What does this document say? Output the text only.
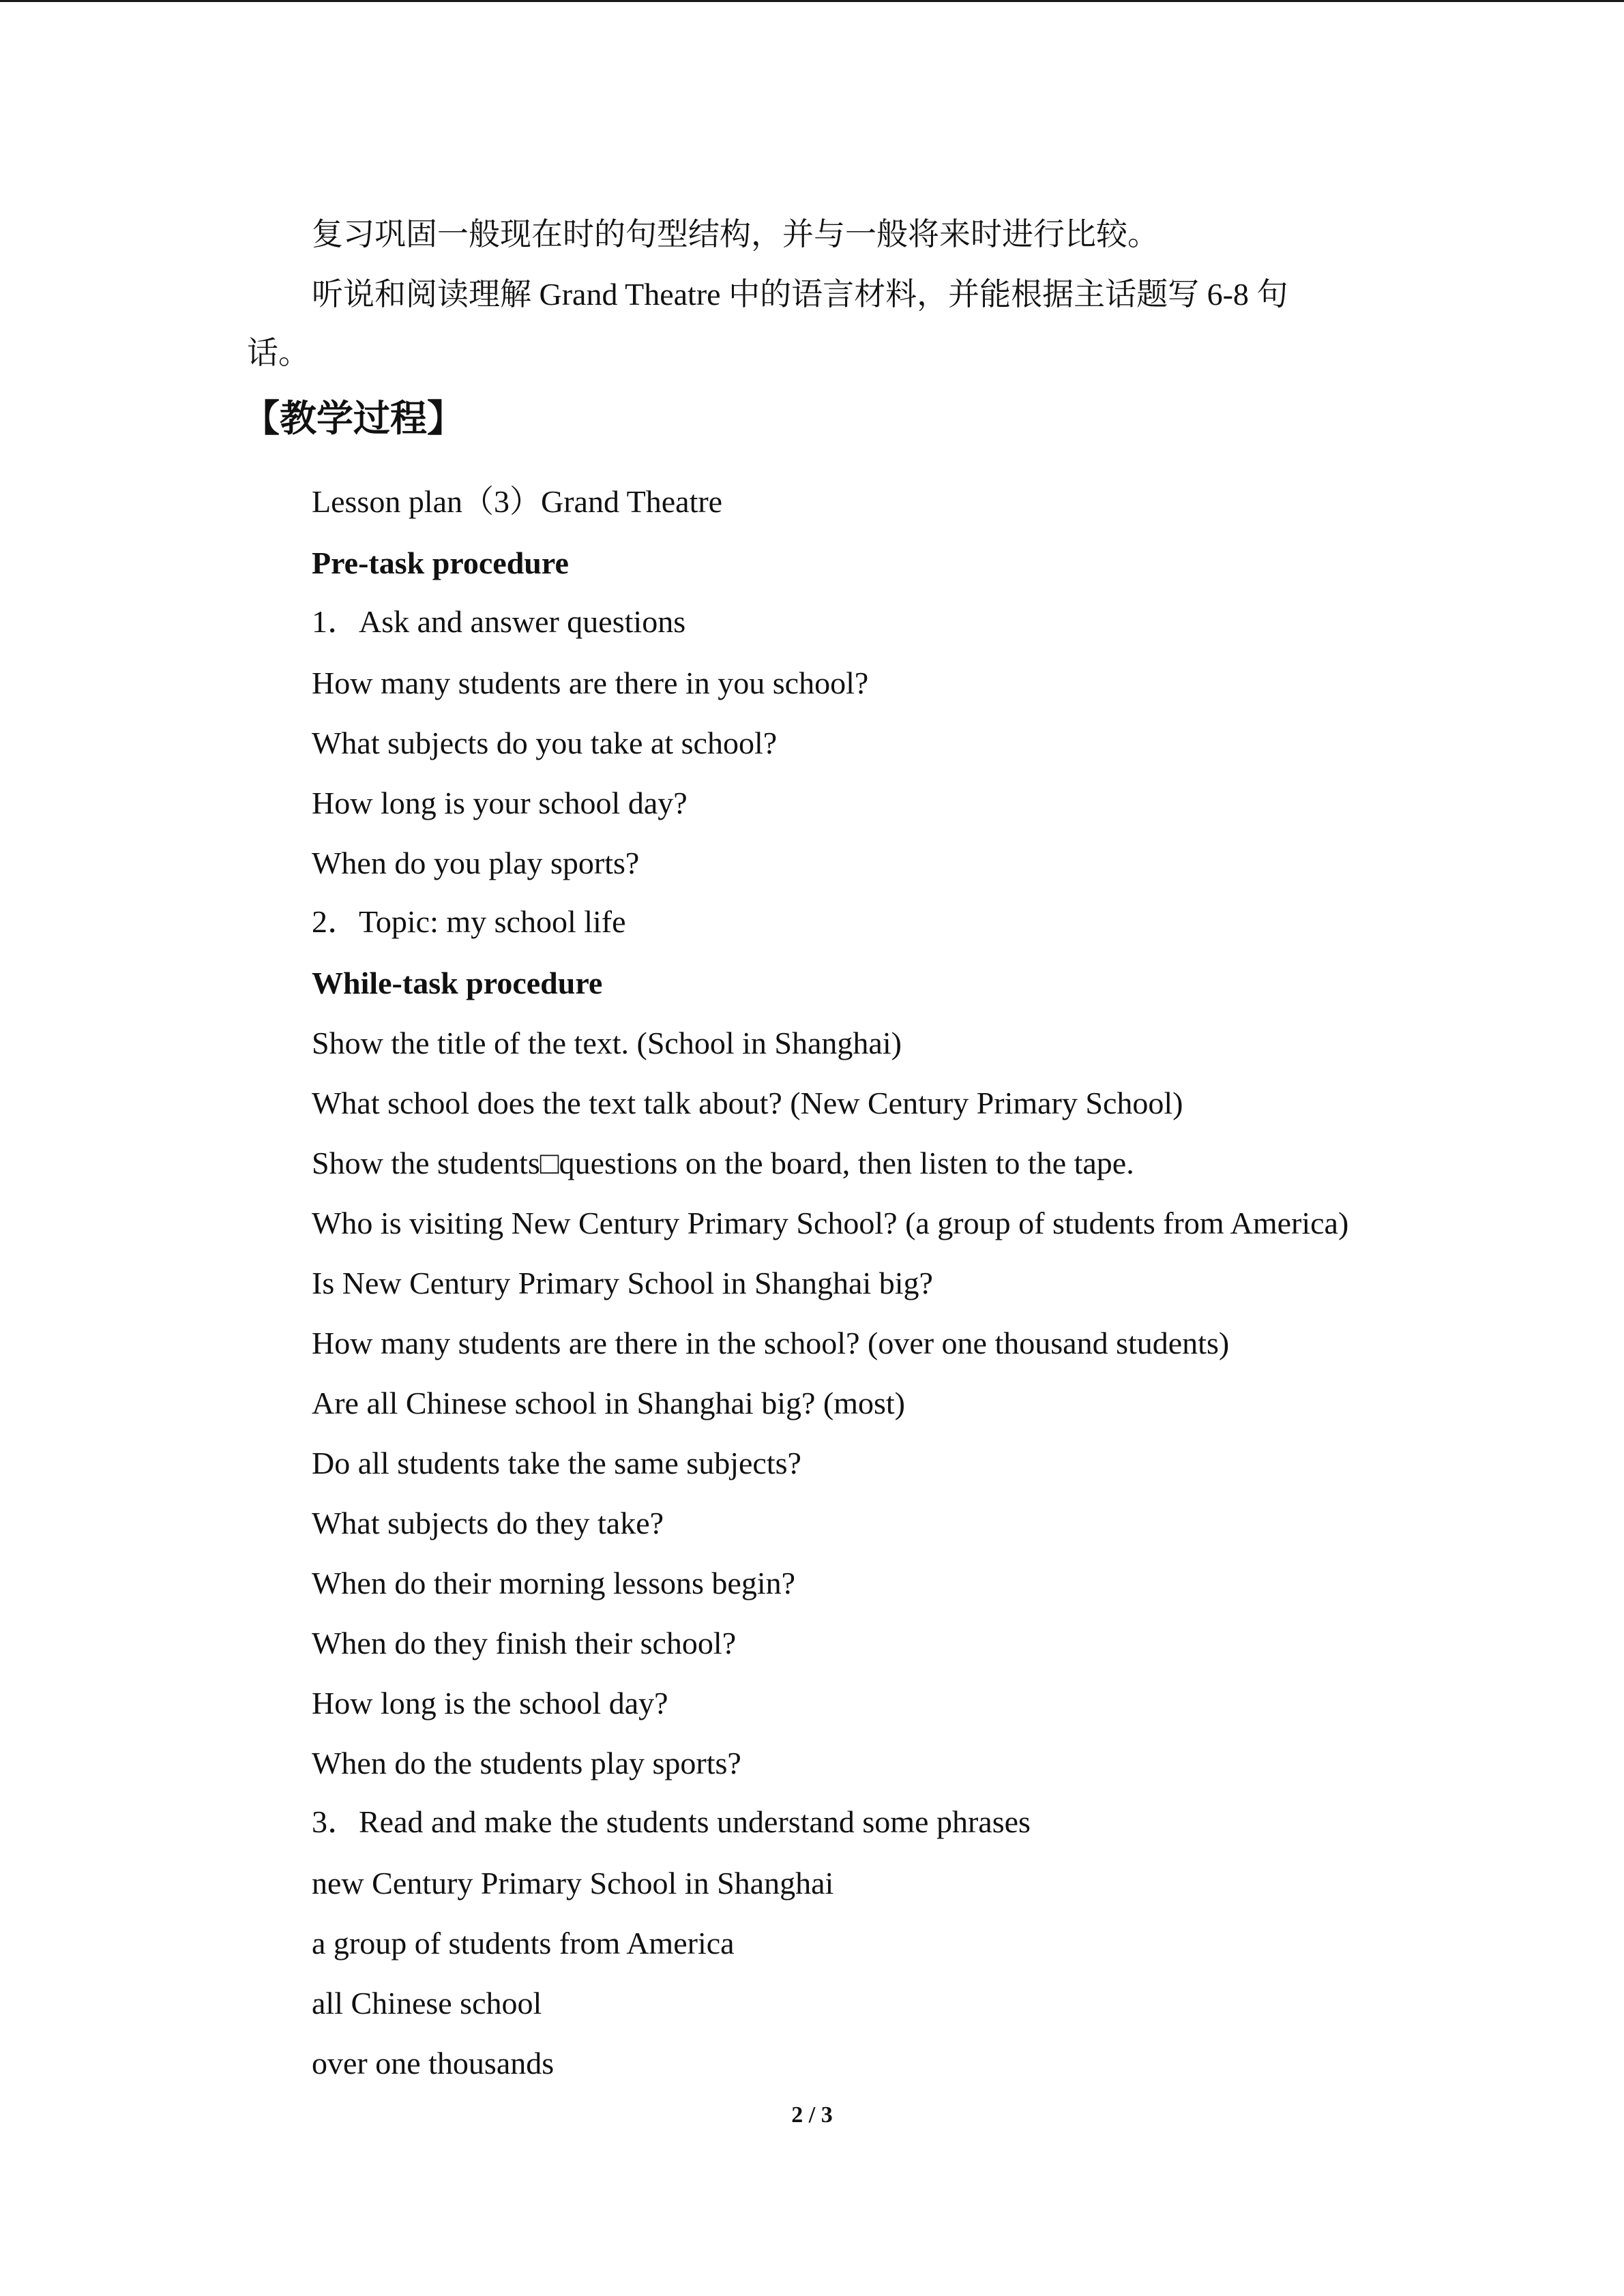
复习巩固一般现在时的句型结构，并与一般将来时进行比较。
听说和阅读理解 Grand Theatre 中的语言材料，并能根据主话题写 6-8 句
话。
【教学过程】
Lesson plan（3）Grand Theatre
Pre-task procedure
1．Ask and answer questions
How many students are there in you school?
What subjects do you take at school?
How long is your school day?
When do you play sports?
2．Topic: my school life
While-task procedure
Show the title of the text. (School in Shanghai)
What school does the text talk about? (New Century Primary School)
Show the students□questions on the board, then listen to the tape.
Who is visiting New Century Primary School? (a group of students from America)
Is New Century Primary School in Shanghai big?
How many students are there in the school? (over one thousand students)
Are all Chinese school in Shanghai big? (most)
Do all students take the same subjects?
What subjects do they take?
When do their morning lessons begin?
When do they finish their school?
How long is the school day?
When do the students play sports?
3．Read and make the students understand some phrases
new Century Primary School in Shanghai
a group of students from America
all Chinese school
over one thousands
2 / 3
